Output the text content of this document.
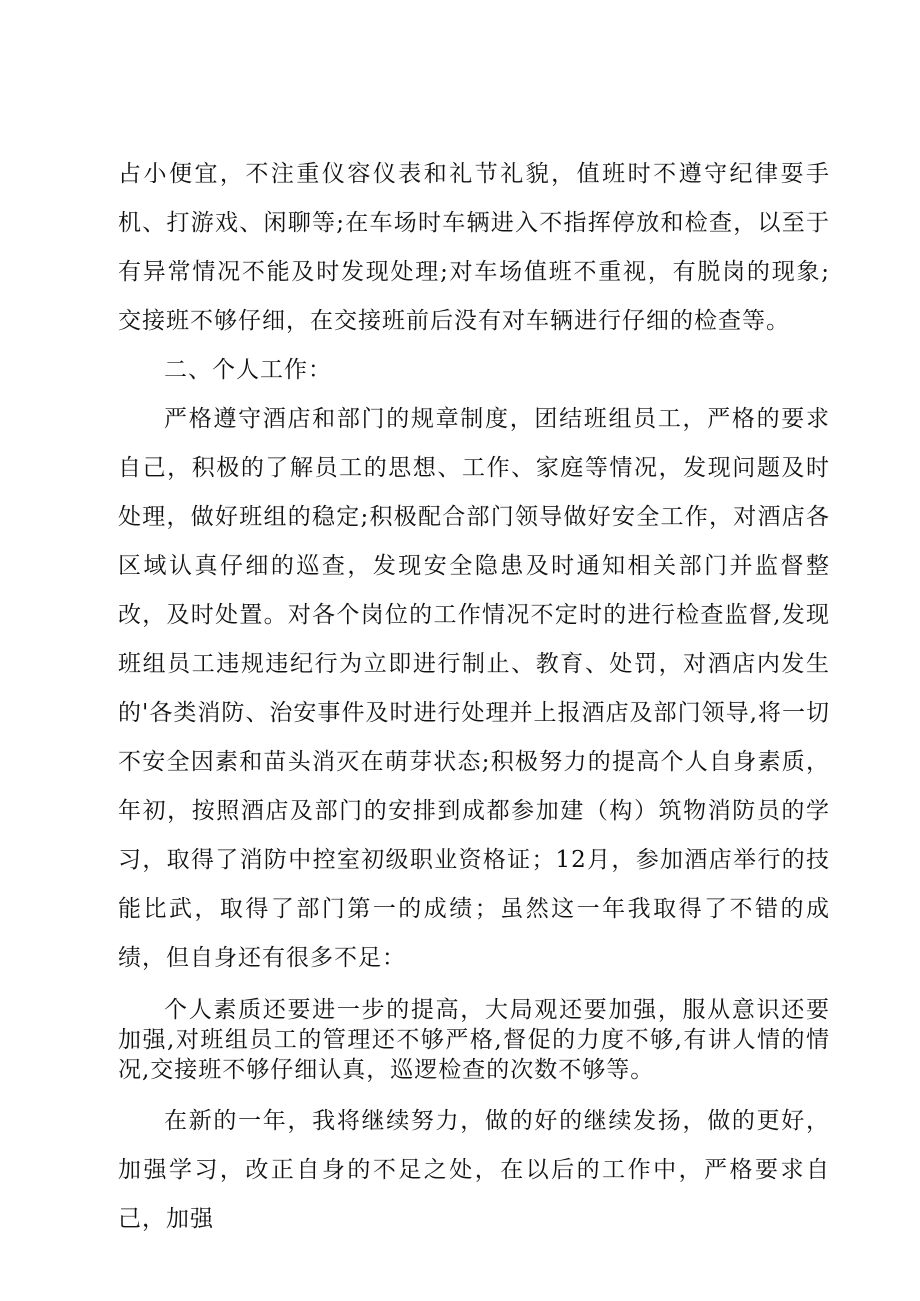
占小便宜，不注重仪容仪表和礼节礼貌，值班时不遵守纪律耍手机、打游戏、闲聊等;在车场时车辆进入不指挥停放和检查，以至于有异常情况不能及时发现处理;对车场值班不重视，有脱岗的现象;交接班不够仔细，在交接班前后没有对车辆进行仔细的检查等。

二、个人工作：

严格遵守酒店和部门的规章制度，团结班组员工，严格的要求自己，积极的了解员工的思想、工作、家庭等情况，发现问题及时处理，做好班组的稳定;积极配合部门领导做好安全工作，对酒店各区域认真仔细的巡查，发现安全隐患及时通知相关部门并监督整改，及时处置。对各个岗位的工作情况不定时的进行检查监督,发现班组员工违规违纪行为立即进行制止、教育、处罚，对酒店内发生的'各类消防、治安事件及时进行处理并上报酒店及部门领导,将一切不安全因素和苗头消灭在萌芽状态;积极努力的提高个人自身素质，年初，按照酒店及部门的安排到成都参加建（构）筑物消防员的学习，取得了消防中控室初级职业资格证；12月，参加酒店举行的技能比武，取得了部门第一的成绩；虽然这一年我取得了不错的成绩，但自身还有很多不足：

个人素质还要进一步的提高，大局观还要加强，服从意识还要加强,对班组员工的管理还不够严格,督促的力度不够,有讲人情的情况,交接班不够仔细认真，巡逻检查的次数不够等。

在新的一年，我将继续努力，做的好的继续发扬，做的更好，加强学习，改正自身的不足之处，在以后的工作中，严格要求自己，加强
